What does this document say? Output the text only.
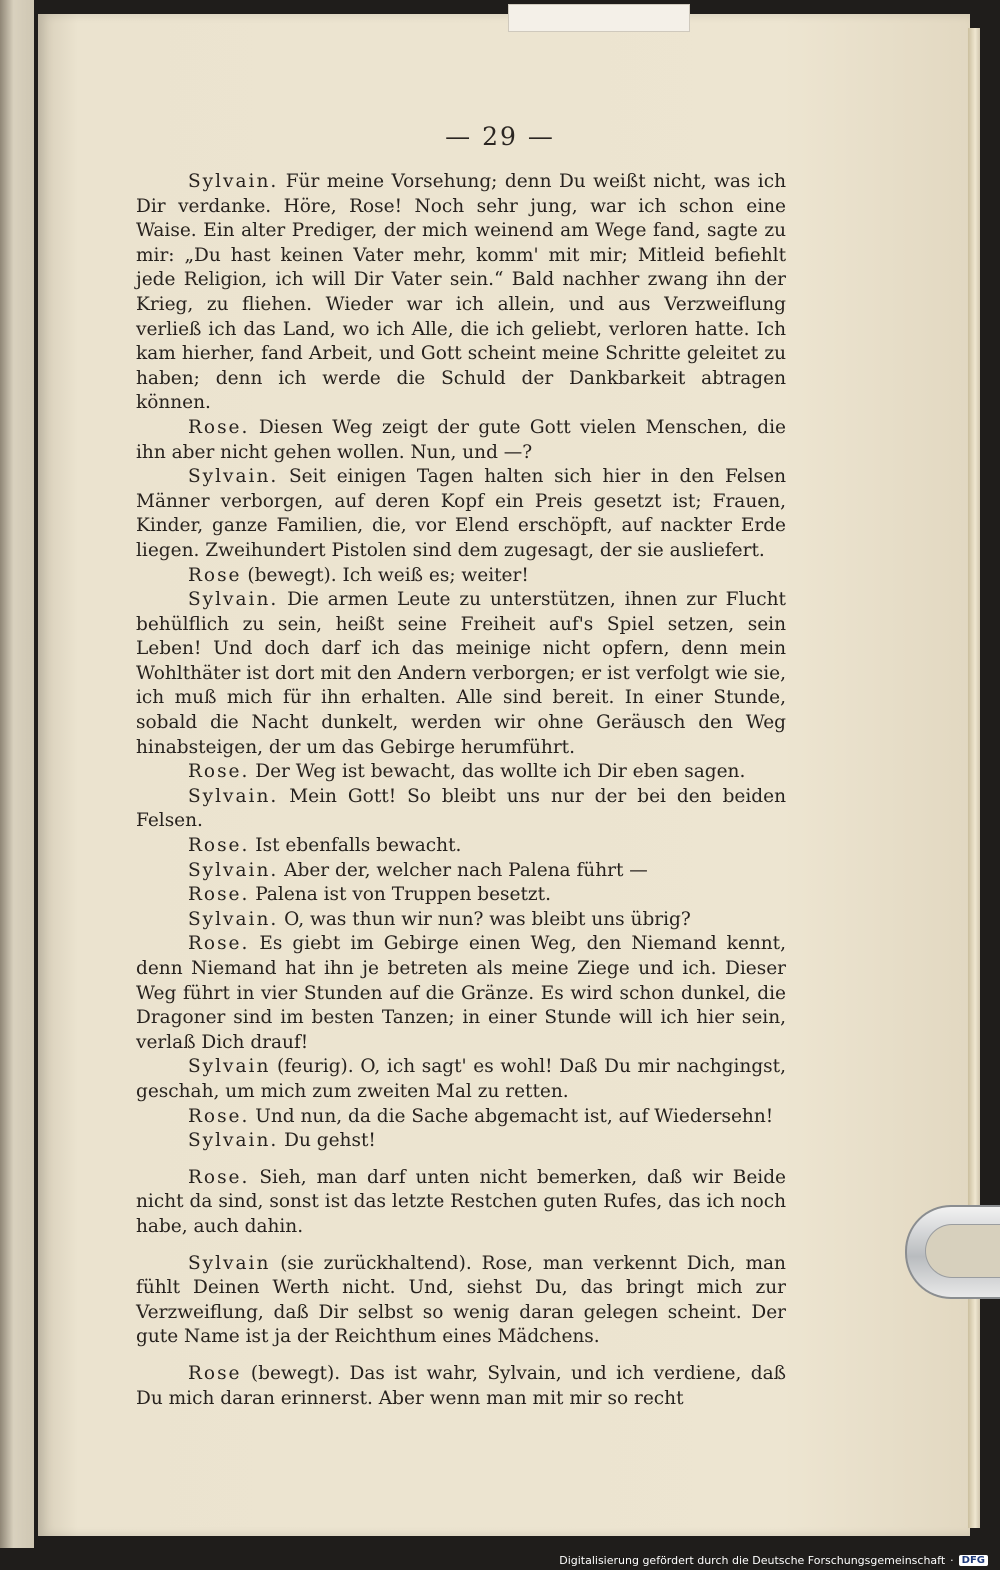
— 29 —

Sylvain. Für meine Vorsehung; denn Du weißt nicht, was ich Dir verdanke. Höre, Rose! Noch sehr jung, war ich schon eine Waise. Ein alter Prediger, der mich weinend am Wege fand, sagte zu mir: „Du hast keinen Vater mehr, komm' mit mir; Mitleid befiehlt jede Religion, ich will Dir Vater sein.“ Bald nachher zwang ihn der Krieg, zu fliehen. Wieder war ich allein, und aus Verzweiflung verließ ich das Land, wo ich Alle, die ich geliebt, verloren hatte. Ich kam hierher, fand Arbeit, und Gott scheint meine Schritte geleitet zu haben; denn ich werde die Schuld der Dankbarkeit abtragen können.

Rose. Diesen Weg zeigt der gute Gott vielen Menschen, die ihn aber nicht gehen wollen. Nun, und —?

Sylvain. Seit einigen Tagen halten sich hier in den Felsen Männer verborgen, auf deren Kopf ein Preis gesetzt ist; Frauen, Kinder, ganze Familien, die, vor Elend erschöpft, auf nackter Erde liegen. Zweihundert Pistolen sind dem zugesagt, der sie ausliefert.

Rose (bewegt). Ich weiß es; weiter!

Sylvain. Die armen Leute zu unterstützen, ihnen zur Flucht behülflich zu sein, heißt seine Freiheit auf's Spiel setzen, sein Leben! Und doch darf ich das meinige nicht opfern, denn mein Wohlthäter ist dort mit den Andern verborgen; er ist verfolgt wie sie, ich muß mich für ihn erhalten. Alle sind bereit. In einer Stunde, sobald die Nacht dunkelt, werden wir ohne Geräusch den Weg hinabsteigen, der um das Gebirge herumführt.

Rose. Der Weg ist bewacht, das wollte ich Dir eben sagen.

Sylvain. Mein Gott! So bleibt uns nur der bei den beiden Felsen.

Rose. Ist ebenfalls bewacht.

Sylvain. Aber der, welcher nach Palena führt —

Rose. Palena ist von Truppen besetzt.

Sylvain. O, was thun wir nun? was bleibt uns übrig?

Rose. Es giebt im Gebirge einen Weg, den Niemand kennt, denn Niemand hat ihn je betreten als meine Ziege und ich. Dieser Weg führt in vier Stunden auf die Gränze. Es wird schon dunkel, die Dragoner sind im besten Tanzen; in einer Stunde will ich hier sein, verlaß Dich drauf!

Sylvain (feurig). O, ich sagt' es wohl! Daß Du mir nachgingst, geschah, um mich zum zweiten Mal zu retten.

Rose. Und nun, da die Sache abgemacht ist, auf Wiedersehn!

Sylvain. Du gehst!

Rose. Sieh, man darf unten nicht bemerken, daß wir Beide nicht da sind, sonst ist das letzte Restchen guten Rufes, das ich noch habe, auch dahin.

Sylvain (sie zurückhaltend). Rose, man verkennt Dich, man fühlt Deinen Werth nicht. Und, siehst Du, das bringt mich zur Verzweiflung, daß Dir selbst so wenig daran gelegen scheint. Der gute Name ist ja der Reichthum eines Mädchens.

Rose (bewegt). Das ist wahr, Sylvain, und ich verdiene, daß Du mich daran erinnerst. Aber wenn man mit mir so recht

Digitalisierung gefördert durch die Deutsche Forschungsgemeinschaft · DFG
